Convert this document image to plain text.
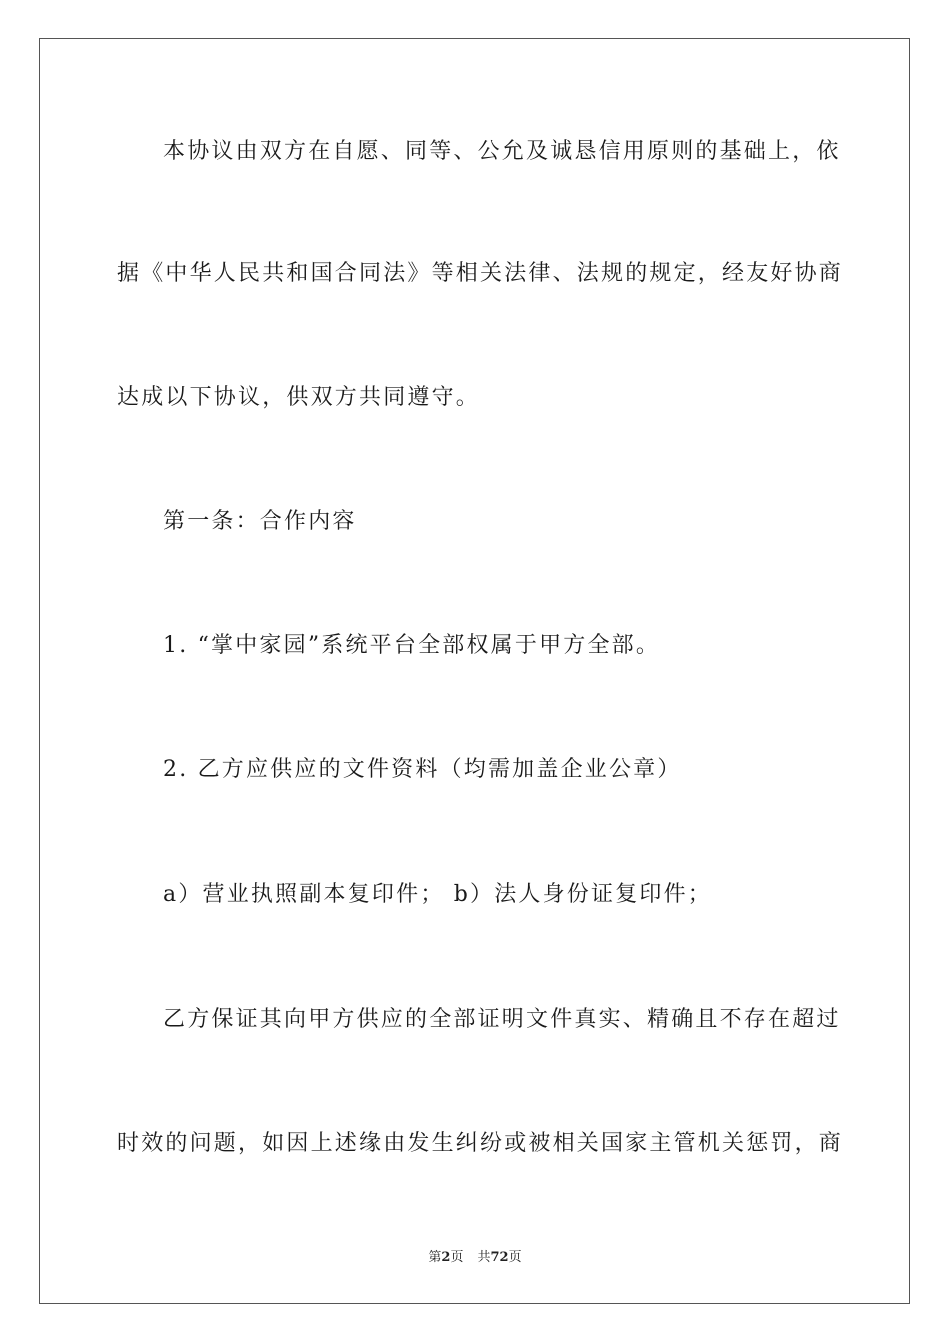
本协议由双方在自愿、同等、公允及诚恳信用原则的基础上，依
据《中华人民共和国合同法》等相关法律、法规的规定，经友好协商
达成以下协议，供双方共同遵守。
第一条：合作内容
1. “掌中家园”系统平台全部权属于甲方全部。
2. 乙方应供应的文件资料（均需加盖企业公章）
a）营业执照副本复印件； b）法人身份证复印件；
乙方保证其向甲方供应的全部证明文件真实、精确且不存在超过
时效的问题，如因上述缘由发生纠纷或被相关国家主管机关惩罚，商
第2页 共72页
